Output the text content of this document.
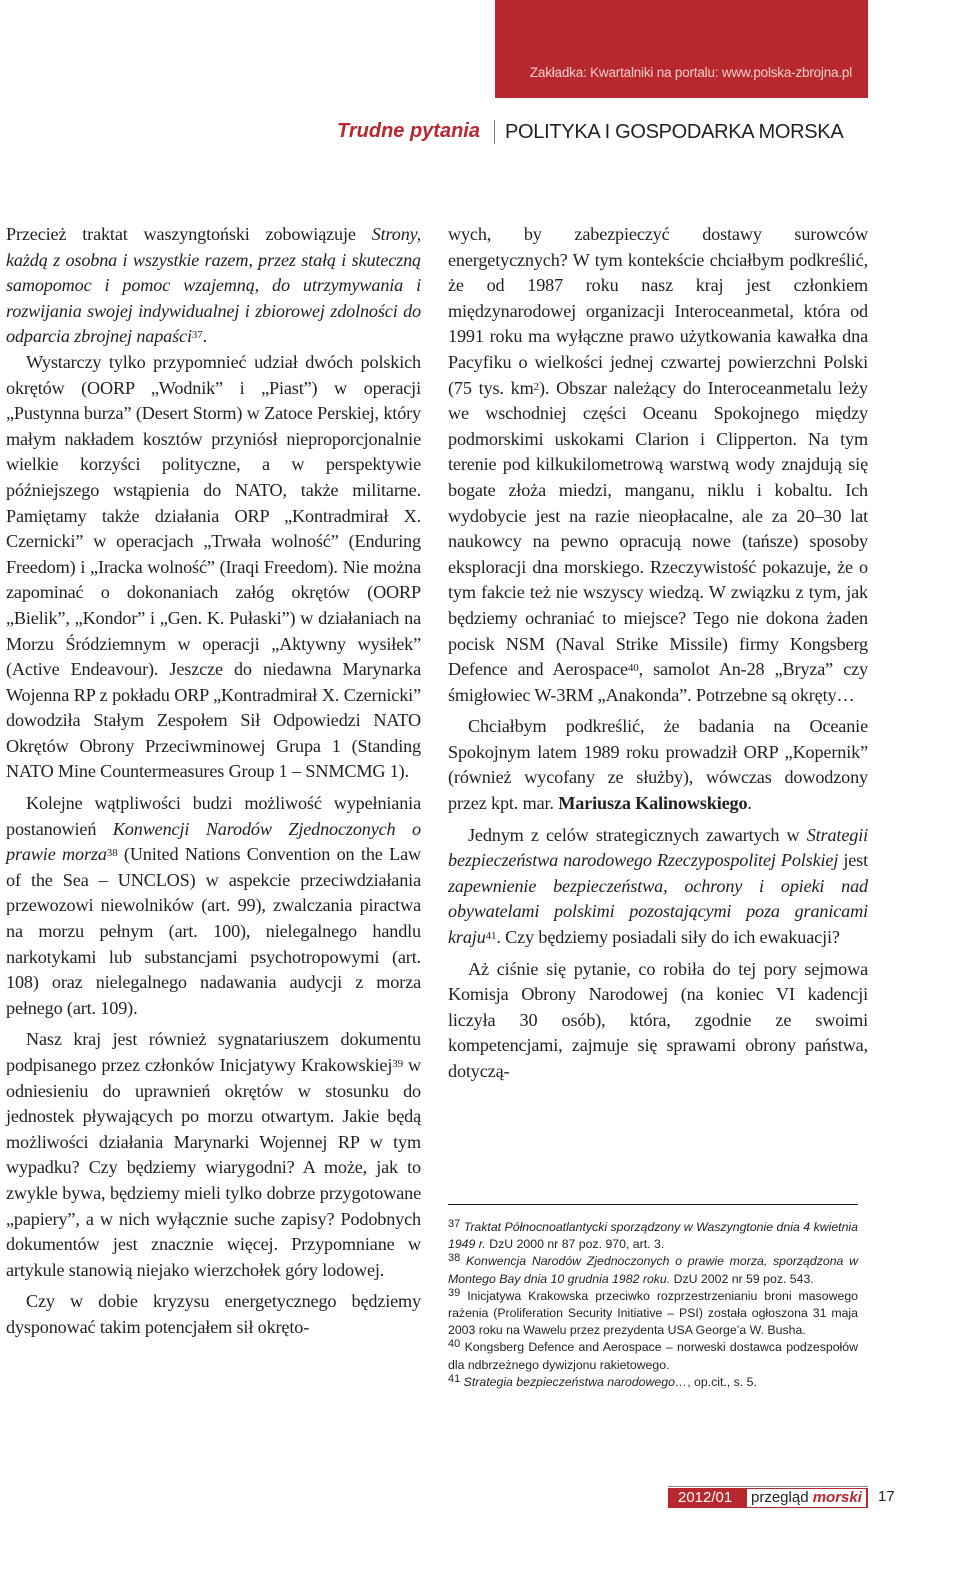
Zakładka: Kwartalniki na portalu: www.polska-zbrojna.pl
Trudne pytania POLITYKA I GOSPODARKA MORSKA

Przecież traktat waszyngtoński zobowiązuje Strony, każdą z osobna i wszystkie razem, przez stałą i skuteczną samopomoc i pomoc wzajemną, do utrzymywania i rozwijania swojej indywidualnej i zbiorowej zdolności do odparcia zbrojnej napaści$^{37}$.

Wystarczy tylko przypomnieć udział dwóch polskich okrętów (OORP „Wodnik” i „Piast”) w operacji „Pustynna burza” (Desert Storm) w Zatoce Perskiej, który małym nakładem kosztów przyniósł nieproporcjonalnie wielkie korzyści polityczne, a w perspektywie późniejszego wstąpienia do NATO, także militarne. Pamiętamy także działania ORP „Kontradmirał X. Czernicki” w operacjach „Trwała wolność” (Enduring Freedom) i „Iracka wolność” (Iraqi Freedom). Nie można zapominać o dokonaniach załóg okrętów (OORP „Bielik”, „Kondor” i „Gen. K. Pułaski”) w działaniach na Morzu Śródziemnym w operacji „Aktywny wysiłek” (Active Endeavour). Jeszcze do niedawna Marynarka Wojenna RP z pokładu ORP „Kontradmirał X. Czernicki” dowodziła Stałym Zespołem Sił Odpowiedzi NATO Okrętów Obrony Przeciwminowej Grupa 1 (Standing NATO Mine Countermeasures Group 1 – SNMCMG 1).

Kolejne wątpliwości budzi możliwość wypełniania postanowień Konwencji Narodów Zjednoczonych o prawie morza$^{38}$ (United Nations Convention on the Law of the Sea – UNCLOS) w aspekcie przeciwdziałania przewozowi niewolników (art. 99), zwalczania piractwa na morzu pełnym (art. 100), nielegalnego handlu narkotykami lub substancjami psychotropowymi (art. 108) oraz nielegalnego nadawania audycji z morza pełnego (art. 109).

Nasz kraj jest również sygnatariuszem dokumentu podpisanego przez członków Inicjatywy Krakowskiej$^{39}$ w odniesieniu do uprawnień okrętów w stosunku do jednostek pływających po morzu otwartym. Jakie będą możliwości działania Marynarki Wojennej RP w tym wypadku? Czy będziemy wiarygodni? A może, jak to zwykle bywa, będziemy mieli tylko dobrze przygotowane „papiery”, a w nich wyłącznie suche zapisy? Podobnych dokumentów jest znacznie więcej. Przypomniane w artykule stanowią niejako wierzchołek góry lodowej.

Czy w dobie kryzysu energetycznego będziemy dysponować takim potencjałem sił okręto-

wych, by zabezpieczyć dostawy surowców energetycznych? W tym kontekście chciałbym podkreślić, że od 1987 roku nasz kraj jest członkiem międzynarodowej organizacji Interoceanmetal, która od 1991 roku ma wyłączne prawo użytkowania kawałka dna Pacyfiku o wielkości jednej czwartej powierzchni Polski (75 tys. $km^2$). Obszar należący do Interoceanmetalu leży we wschodniej części Oceanu Spokojnego między podmorskimi uskokami Clarion i Clipperton. Na tym terenie pod kilkukilometrową warstwą wody znajdują się bogate złoża miedzi, manganu, niklu i kobaltu. Ich wydobycie jest na razie nieopłacalne, ale za 20–30 lat naukowcy na pewno opracują nowe (tańsze) sposoby eksploracji dna morskiego. Rzeczywistość pokazuje, że o tym fakcie też nie wszyscy wiedzą. W związku z tym, jak będziemy ochraniać to miejsce? Tego nie dokona żaden pocisk NSM (Naval Strike Missile) firmy Kongsberg Defence and Aerospace$^{40}$, samolot An-28 „Bryza” czy śmigłowiec W-3RM „Anakonda”. Potrzebne są okręty…

Chciałbym podkreślić, że badania na Oceanie Spokojnym latem 1989 roku prowadził ORP „Kopernik” (również wycofany ze służby), wówczas dowodzony przez kpt. mar. Mariusza Kalinowskiego.

Jednym z celów strategicznych zawartych w Strategii bezpieczeństwa narodowego Rzeczypospolitej Polskiej jest zapewnienie bezpieczeństwa, ochrony i opieki nad obywatelami polskimi pozostającymi poza granicami kraju$^{41}$. Czy będziemy posiadali siły do ich ewakuacji?

Aż ciśnie się pytanie, co robiła do tej pory sejmowa Komisja Obrony Narodowej (na koniec VI kadencji liczyła 30 osób), która, zgodnie ze swoimi kompetencjami, zajmuje się sprawami obrony państwa, dotyczą-

$^{37}$ Traktat Północnoatlantycki sporządzony w Waszyngtonie dnia 4 kwietnia 1949 r. DzU 2000 nr 87 poz. 970, art. 3.

$^{38}$ Konwencja Narodów Zjednoczonych o prawie morza, sporządzona w Montego Bay dnia 10 grudnia 1982 roku. DzU 2002 nr 59 poz. 543.

$^{39}$ Inicjatywa Krakowska przeciwko rozprzestrzenianiu broni masowego rażenia (Proliferation Security Initiative – PSI) została ogłoszona 31 maja 2003 roku na Wawelu przez prezydenta USA George’a W. Busha.

$^{40}$ Kongsberg Defence and Aerospace – norweski dostawca podzespołów dla ndbrzeżnego dywizjonu rakietowego.

$^{41}$ Strategia bezpieczeństwa narodowego…, op.cit., s. 5.

2012/01 przegląd morski 17
